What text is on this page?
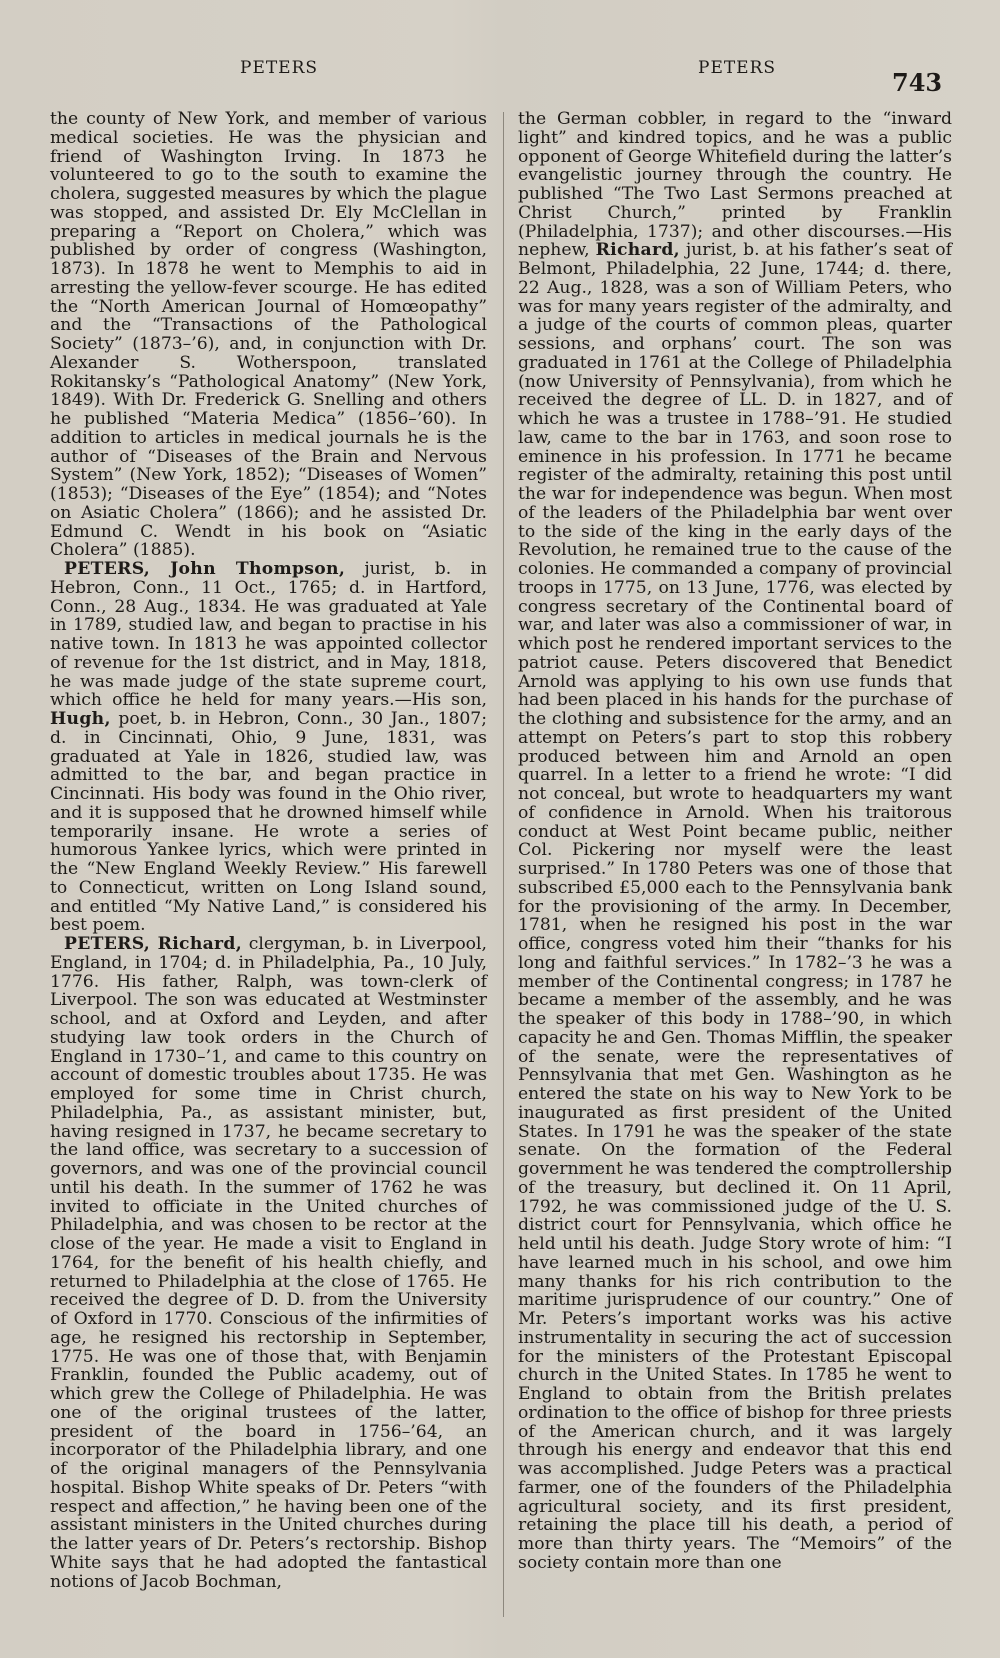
PETERS	PETERS	743

the county of New York, and member of various medical societies. He was the physician and friend of Washington Irving. In 1873 he volunteered to go to the south to examine the cholera, suggested measures by which the plague was stopped, and assisted Dr. Ely McClellan in preparing a “Report on Cholera,” which was published by order of congress (Washington, 1873). In 1878 he went to Memphis to aid in arresting the yellow-fever scourge. He has edited the “North American Journal of Homœopathy” and the “Transactions of the Pathological Society” (1873–’6), and, in conjunction with Dr. Alexander S. Wotherspoon, translated Rokitansky’s “Pathological Anatomy” (New York, 1849). With Dr. Frederick G. Snelling and others he published “Materia Medica” (1856–’60). In addition to articles in medical journals he is the author of “Diseases of the Brain and Nervous System” (New York, 1852); “Diseases of Women” (1853); “Diseases of the Eye” (1854); and “Notes on Asiatic Cholera” (1866); and he assisted Dr. Edmund C. Wendt in his book on “Asiatic Cholera” (1885).

PETERS, John Thompson, jurist, b. in Hebron, Conn., 11 Oct., 1765; d. in Hartford, Conn., 28 Aug., 1834. He was graduated at Yale in 1789, studied law, and began to practise in his native town. In 1813 he was appointed collector of revenue for the 1st district, and in May, 1818, he was made judge of the state supreme court, which office he held for many years.—His son, Hugh, poet, b. in Hebron, Conn., 30 Jan., 1807; d. in Cincinnati, Ohio, 9 June, 1831, was graduated at Yale in 1826, studied law, was admitted to the bar, and began practice in Cincinnati. His body was found in the Ohio river, and it is supposed that he drowned himself while temporarily insane. He wrote a series of humorous Yankee lyrics, which were printed in the “New England Weekly Review.” His farewell to Connecticut, written on Long Island sound, and entitled “My Native Land,” is considered his best poem.

PETERS, Richard, clergyman, b. in Liverpool, England, in 1704; d. in Philadelphia, Pa., 10 July, 1776. His father, Ralph, was town-clerk of Liverpool. The son was educated at Westminster school, and at Oxford and Leyden, and after studying law took orders in the Church of England in 1730–’1, and came to this country on account of domestic troubles about 1735. He was employed for some time in Christ church, Philadelphia, Pa., as assistant minister, but, having resigned in 1737, he became secretary to the land office, was secretary to a succession of governors, and was one of the provincial council until his death. In the summer of 1762 he was invited to officiate in the United churches of Philadelphia, and was chosen to be rector at the close of the year. He made a visit to England in 1764, for the benefit of his health chiefly, and returned to Philadelphia at the close of 1765. He received the degree of D. D. from the University of Oxford in 1770. Conscious of the infirmities of age, he resigned his rectorship in September, 1775. He was one of those that, with Benjamin Franklin, founded the Public academy, out of which grew the College of Philadelphia. He was one of the original trustees of the latter, president of the board in 1756–’64, an incorporator of the Philadelphia library, and one of the original managers of the Pennsylvania hospital. Bishop White speaks of Dr. Peters “with respect and affection,” he having been one of the assistant ministers in the United churches during the latter years of Dr. Peters’s rectorship. Bishop White says that he had adopted the fantastical notions of Jacob Bochman,

the German cobbler, in regard to the “inward light” and kindred topics, and he was a public opponent of George Whitefield during the latter’s evangelistic journey through the country. He published “The Two Last Sermons preached at Christ Church,” printed by Franklin (Philadelphia, 1737); and other discourses.—His nephew, Richard, jurist, b. at his father’s seat of Belmont, Philadelphia, 22 June, 1744; d. there, 22 Aug., 1828, was a son of William Peters, who was for many years register of the admiralty, and a judge of the courts of common pleas, quarter sessions, and orphans’ court. The son was graduated in 1761 at the College of Philadelphia (now University of Pennsylvania), from which he received the degree of LL. D. in 1827, and of which he was a trustee in 1788–’91. He studied law, came to the bar in 1763, and soon rose to eminence in his profession. In 1771 he became register of the admiralty, retaining this post until the war for independence was begun. When most of the leaders of the Philadelphia bar went over to the side of the king in the early days of the Revolution, he remained true to the cause of the colonies. He commanded a company of provincial troops in 1775, on 13 June, 1776, was elected by congress secretary of the Continental board of war, and later was also a commissioner of war, in which post he rendered important services to the patriot cause. Peters discovered that Benedict Arnold was applying to his own use funds that had been placed in his hands for the purchase of the clothing and subsistence for the army, and an attempt on Peters’s part to stop this robbery produced between him and Arnold an open quarrel. In a letter to a friend he wrote: “I did not conceal, but wrote to headquarters my want of confidence in Arnold. When his traitorous conduct at West Point became public, neither Col. Pickering nor myself were the least surprised.” In 1780 Peters was one of those that subscribed £5,000 each to the Pennsylvania bank for the provisioning of the army. In December, 1781, when he resigned his post in the war office, congress voted him their “thanks for his long and faithful services.” In 1782–’3 he was a member of the Continental congress; in 1787 he became a member of the assembly, and he was the speaker of this body in 1788–’90, in which capacity he and Gen. Thomas Mifflin, the speaker of the senate, were the representatives of Pennsylvania that met Gen. Washington as he entered the state on his way to New York to be inaugurated as first president of the United States. In 1791 he was the speaker of the state senate. On the formation of the Federal government he was tendered the comptrollership of the treasury, but declined it. On 11 April, 1792, he was commissioned judge of the U. S. district court for Pennsylvania, which office he held until his death. Judge Story wrote of him: “I have learned much in his school, and owe him many thanks for his rich contribution to the maritime jurisprudence of our country.” One of Mr. Peters’s important works was his active instrumentality in securing the act of succession for the ministers of the Protestant Episcopal church in the United States. In 1785 he went to England to obtain from the British prelates ordination to the office of bishop for three priests of the American church, and it was largely through his energy and endeavor that this end was accomplished. Judge Peters was a practical farmer, one of the founders of the Philadelphia agricultural society, and its first president, retaining the place till his death, a period of more than thirty years. The “Memoirs” of the society contain more than one
